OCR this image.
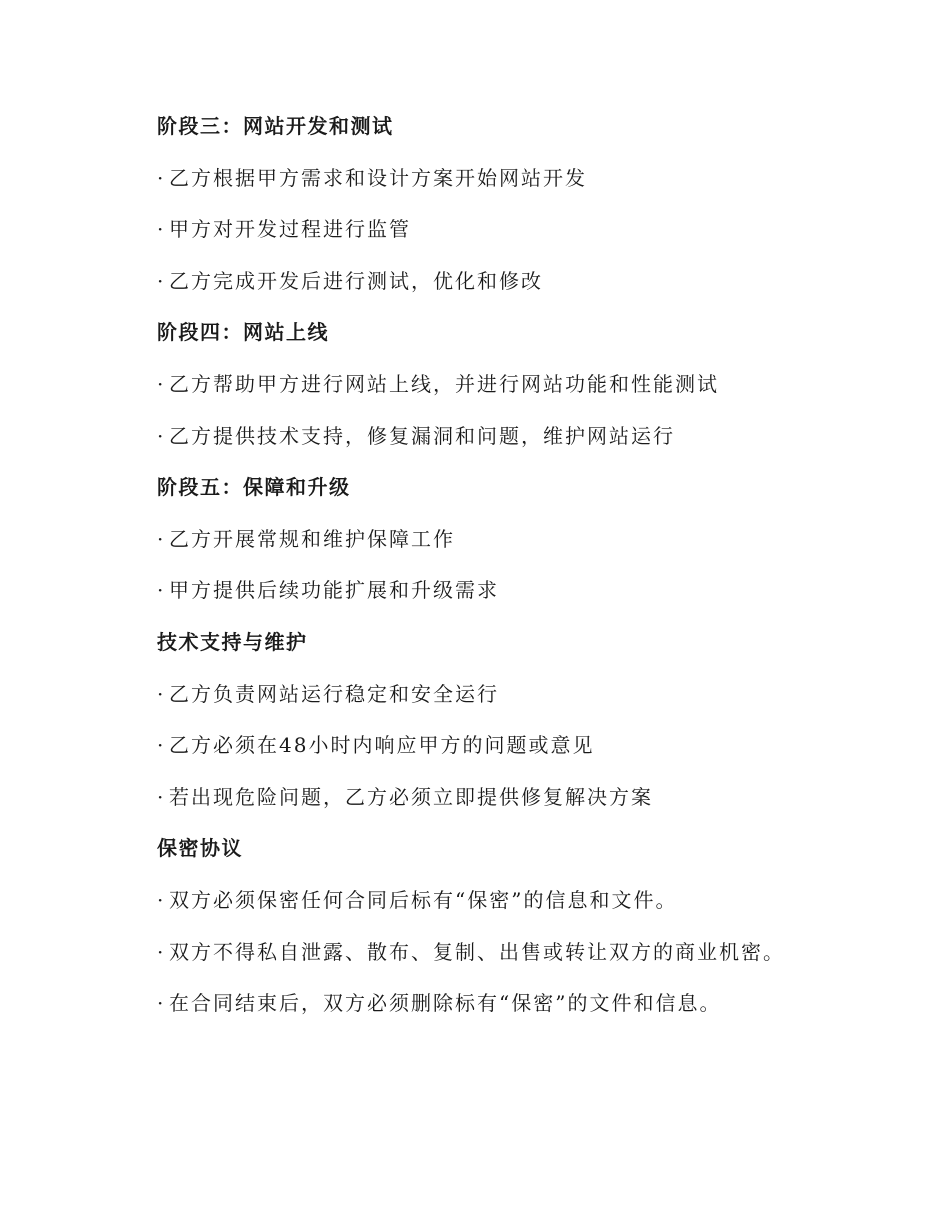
阶段三：网站开发和测试
· 乙方根据甲方需求和设计方案开始网站开发
· 甲方对开发过程进行监管
· 乙方完成开发后进行测试，优化和修改
阶段四：网站上线
· 乙方帮助甲方进行网站上线，并进行网站功能和性能测试
· 乙方提供技术支持，修复漏洞和问题，维护网站运行
阶段五：保障和升级
· 乙方开展常规和维护保障工作
· 甲方提供后续功能扩展和升级需求
技术支持与维护
· 乙方负责网站运行稳定和安全运行
· 乙方必须在48小时内响应甲方的问题或意见
· 若出现危险问题，乙方必须立即提供修复解决方案
保密协议
· 双方必须保密任何合同后标有“保密”的信息和文件。
· 双方不得私自泄露、散布、复制、出售或转让双方的商业机密。
· 在合同结束后，双方必须删除标有“保密”的文件和信息。
